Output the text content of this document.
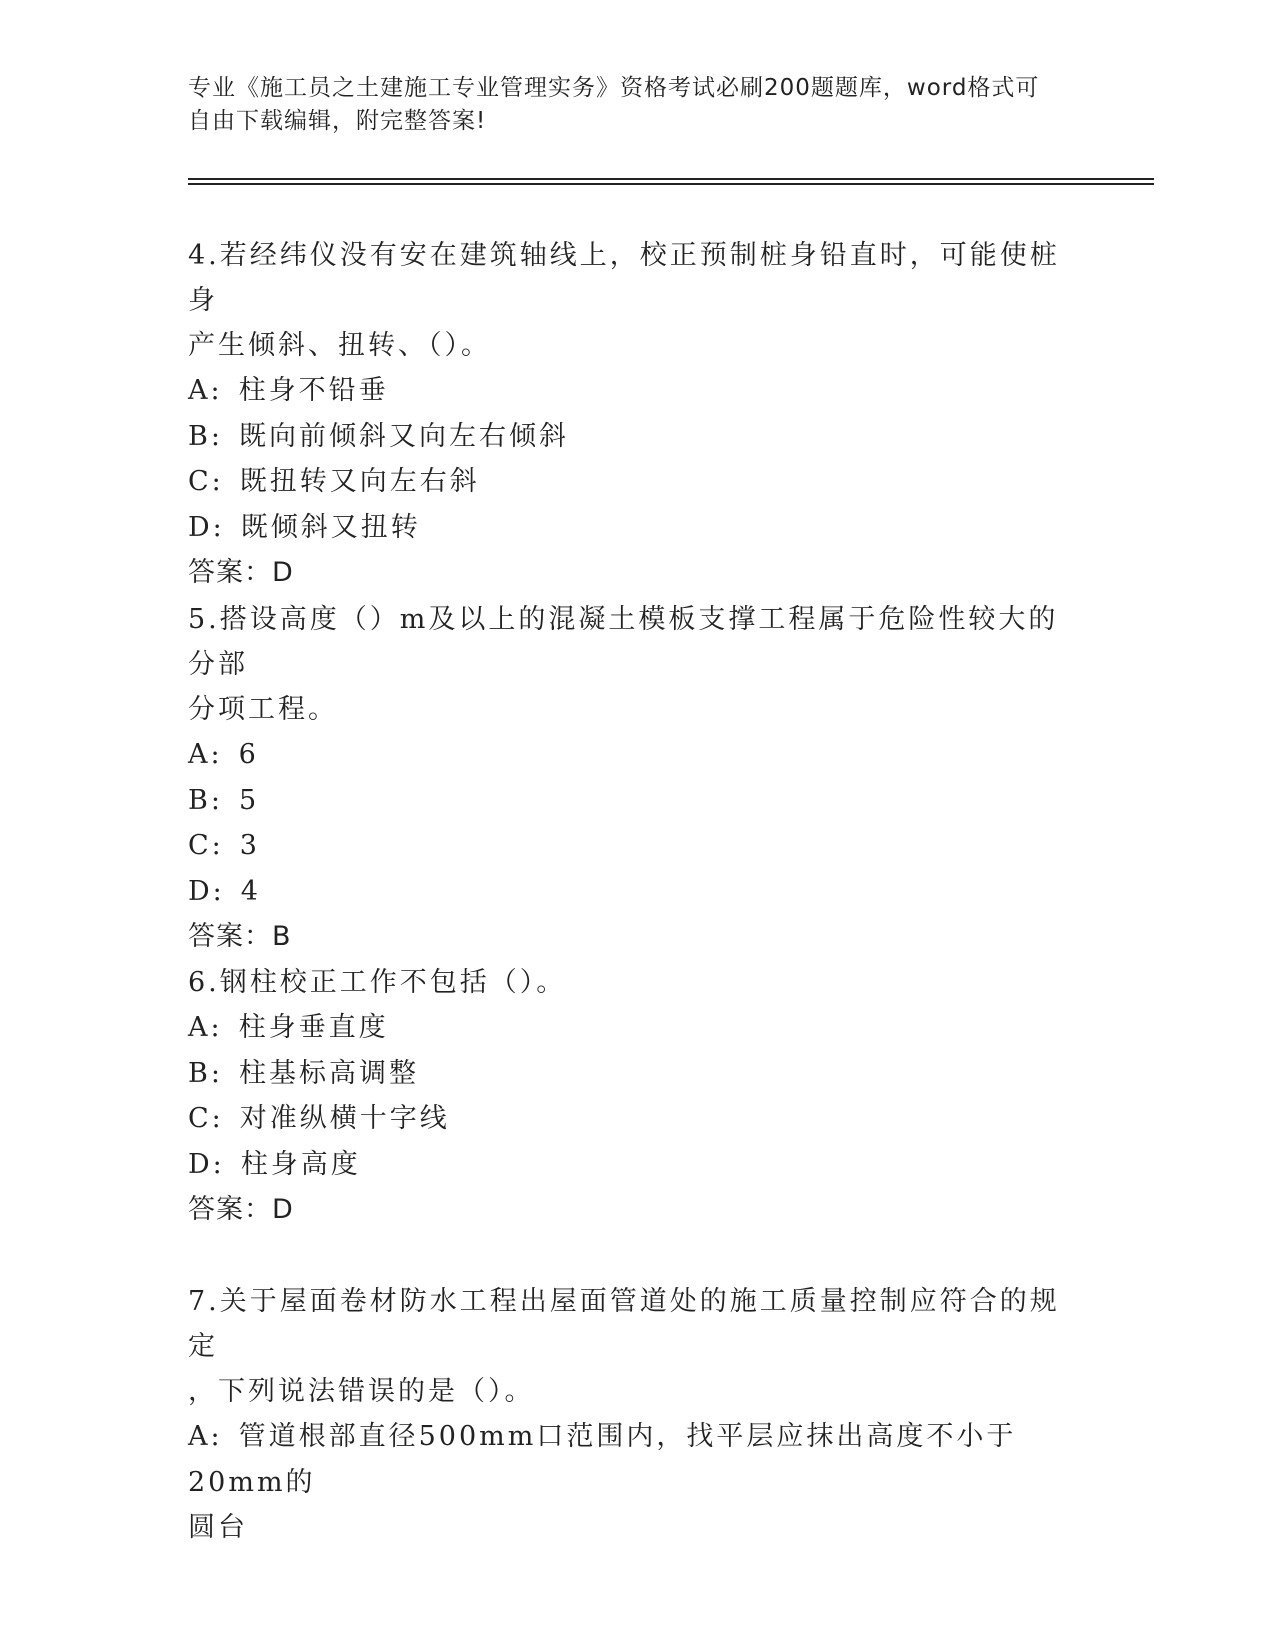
专业《施工员之土建施工专业管理实务》资格考试必刷200题题库，word格式可
自由下载编辑，附完整答案!
4.若经纬仪没有安在建筑轴线上，校正预制桩身铅直时，可能使桩身
产生倾斜、扭转、（）。
A: 柱身不铅垂
B: 既向前倾斜又向左右倾斜
C: 既扭转又向左右斜
D: 既倾斜又扭转
答案：D
5.搭设高度（）m及以上的混凝土模板支撑工程属于危险性较大的分部
分项工程。
A: 6
B: 5
C: 3
D: 4
答案：B
6.钢柱校正工作不包括（）。
A: 柱身垂直度
B: 柱基标高调整
C: 对准纵横十字线
D: 柱身高度
答案：D
7.关于屋面卷材防水工程出屋面管道处的施工质量控制应符合的规定
，下列说法错误的是（）。
A: 管道根部直径500mm口范围内，找平层应抹出高度不小于20mm的
圆台
